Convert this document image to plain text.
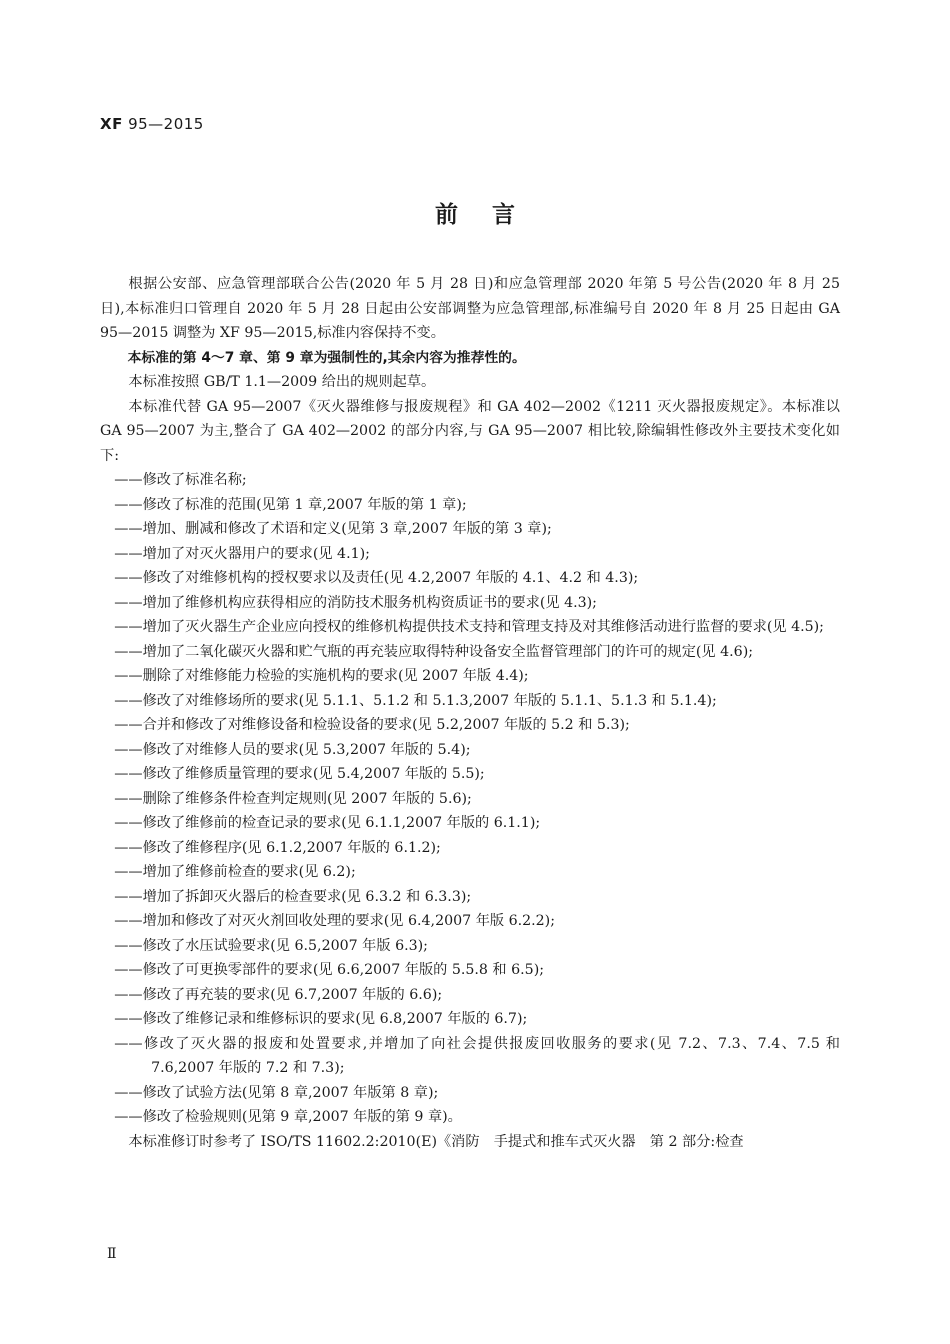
XF 95—2015
前言

根据公安部、应急管理部联合公告(2020 年 5 月 28 日)和应急管理部 2020 年第 5 号公告(2020 年 8 月 25 日),本标准归口管理自 2020 年 5 月 28 日起由公安部调整为应急管理部,标准编号自 2020 年 8 月 25 日起由 GA 95—2015 调整为 XF 95—2015,标准内容保持不变。

本标准的第 4～7 章、第 9 章为强制性的,其余内容为推荐性的。

本标准按照 GB/T 1.1—2009 给出的规则起草。

本标准代替 GA 95—2007《灭火器维修与报废规程》和 GA 402—2002《1211 灭火器报废规定》。本标准以 GA 95—2007 为主,整合了 GA 402—2002 的部分内容,与 GA 95—2007 相比较,除编辑性修改外主要技术变化如下:

——修改了标准名称;

——修改了标准的范围(见第 1 章,2007 年版的第 1 章);

——增加、删减和修改了术语和定义(见第 3 章,2007 年版的第 3 章);

——增加了对灭火器用户的要求(见 4.1);

——修改了对维修机构的授权要求以及责任(见 4.2,2007 年版的 4.1、4.2 和 4.3);

——增加了维修机构应获得相应的消防技术服务机构资质证书的要求(见 4.3);

——增加了灭火器生产企业应向授权的维修机构提供技术支持和管理支持及对其维修活动进行监督的要求(见 4.5);

——增加了二氧化碳灭火器和贮气瓶的再充装应取得特种设备安全监督管理部门的许可的规定(见 4.6);

——删除了对维修能力检验的实施机构的要求(见 2007 年版 4.4);

——修改了对维修场所的要求(见 5.1.1、5.1.2 和 5.1.3,2007 年版的 5.1.1、5.1.3 和 5.1.4);

——合并和修改了对维修设备和检验设备的要求(见 5.2,2007 年版的 5.2 和 5.3);

——修改了对维修人员的要求(见 5.3,2007 年版的 5.4);

——修改了维修质量管理的要求(见 5.4,2007 年版的 5.5);

——删除了维修条件检查判定规则(见 2007 年版的 5.6);

——修改了维修前的检查记录的要求(见 6.1.1,2007 年版的 6.1.1);

——修改了维修程序(见 6.1.2,2007 年版的 6.1.2);

——增加了维修前检查的要求(见 6.2);

——增加了拆卸灭火器后的检查要求(见 6.3.2 和 6.3.3);

——增加和修改了对灭火剂回收处理的要求(见 6.4,2007 年版 6.2.2);

——修改了水压试验要求(见 6.5,2007 年版 6.3);

——修改了可更换零部件的要求(见 6.6,2007 年版的 5.5.8 和 6.5);

——修改了再充装的要求(见 6.7,2007 年版的 6.6);

——修改了维修记录和维修标识的要求(见 6.8,2007 年版的 6.7);

——修改了灭火器的报废和处置要求,并增加了向社会提供报废回收服务的要求(见 7.2、7.3、7.4、7.5 和 7.6,2007 年版的 7.2 和 7.3);

——修改了试验方法(见第 8 章,2007 年版第 8 章);

——修改了检验规则(见第 9 章,2007 年版的第 9 章)。

本标准修订时参考了 ISO/TS 11602.2:2010(E)《消防　手提式和推车式灭火器　第 2 部分:检查

Ⅱ
